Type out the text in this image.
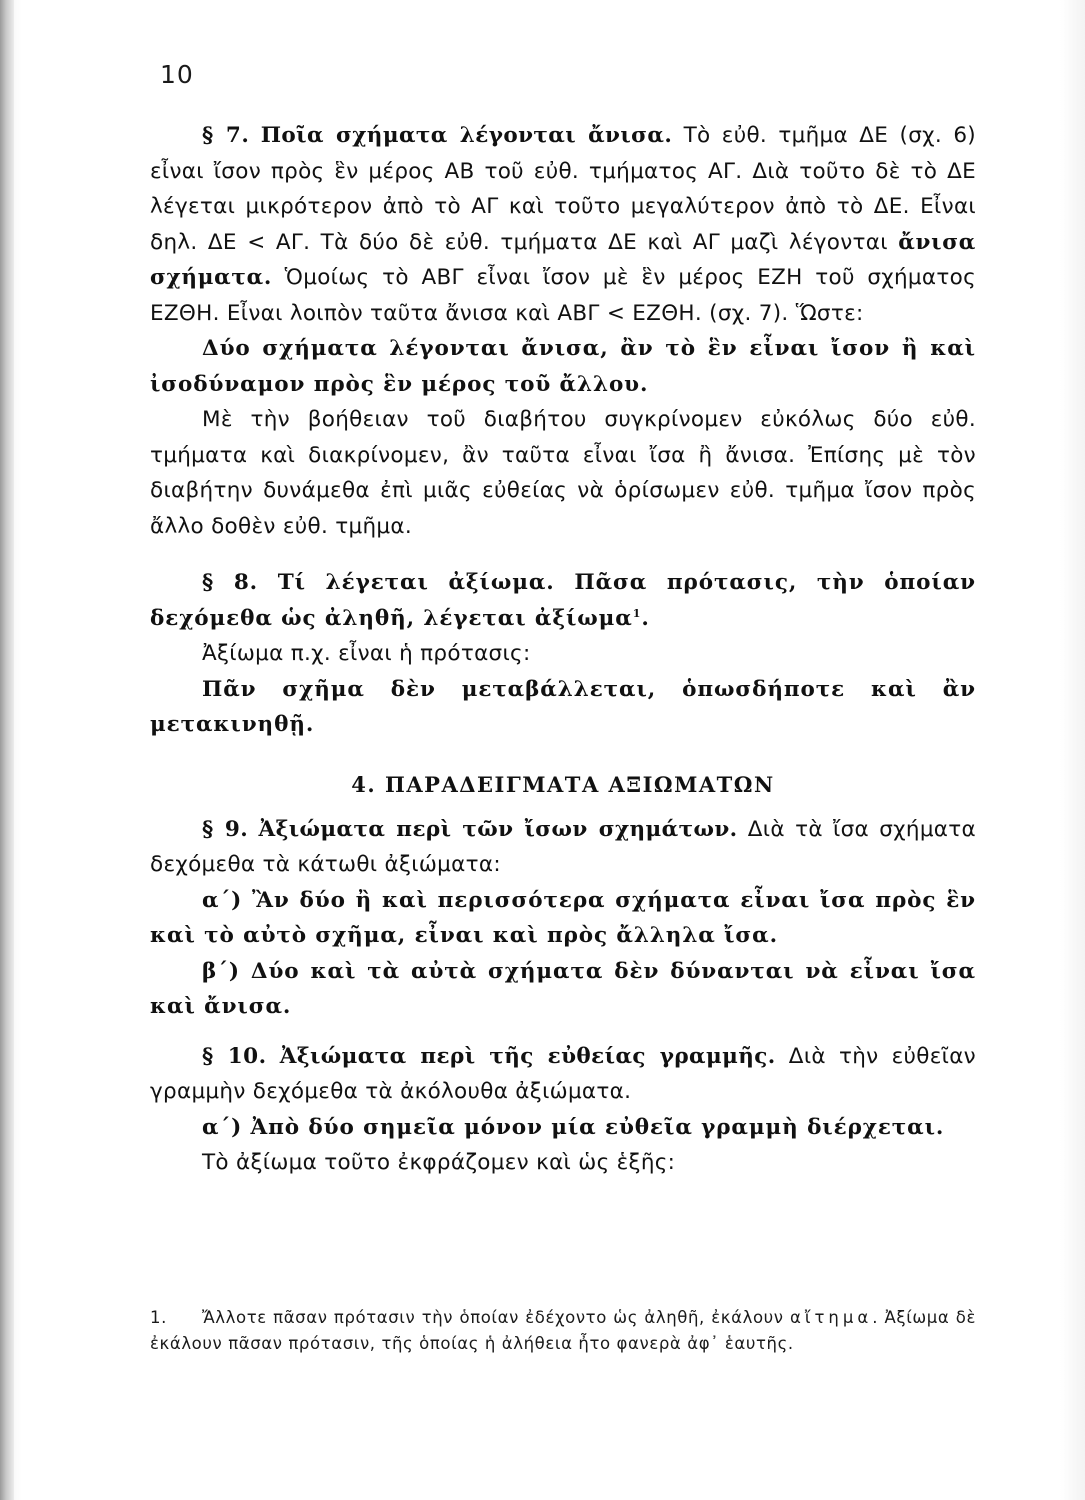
10

§ 7. Ποῖα σχήματα λέγονται ἄνισα. Τὸ εὐθ. τμῆμα ΔΕ (σχ. 6) εἶναι ἴσον πρὸς ἓν μέρος ΑΒ τοῦ εὐθ. τμήματος ΑΓ. Διὰ τοῦτο δὲ τὸ ΔΕ λέγεται μικρότερον ἀπὸ τὸ ΑΓ καὶ τοῦτο μεγαλύτερον ἀπὸ τὸ ΔΕ. Εἶναι δηλ. ΔΕ < ΑΓ. Τὰ δύο δὲ εὐθ. τμήματα ΔΕ καὶ ΑΓ μαζὶ λέγονται ἄνισα σχήματα. Ὁμοίως τὸ ΑΒΓ εἶναι ἴσον μὲ ἓν μέρος ΕΖΗ τοῦ σχήματος ΕΖΘΗ. Εἶναι λοιπὸν ταῦτα ἄνισα καὶ ΑΒΓ < ΕΖΘΗ. (σχ. 7). Ὥστε:

Δύο σχήματα λέγονται ἄνισα, ἂν τὸ ἓν εἶναι ἴσον ἢ καὶ ἰσοδύναμον πρὸς ἓν μέρος τοῦ ἄλλου.

Μὲ τὴν βοήθειαν τοῦ διαβήτου συγκρίνομεν εὐκόλως δύο εὐθ. τμήματα καὶ διακρίνομεν, ἂν ταῦτα εἶναι ἴσα ἢ ἄνισα. Ἐπίσης μὲ τὸν διαβήτην δυνάμεθα ἐπὶ μιᾶς εὐθείας νὰ ὁρίσωμεν εὐθ. τμῆμα ἴσον πρὸς ἄλλο δοθὲν εὐθ. τμῆμα.

§ 8. Τί λέγεται ἀξίωμα. Πᾶσα πρότασις, τὴν ὁποίαν δεχόμεθα ὡς ἀληθῆ, λέγεται ἀξίωμα$^1$.

Ἀξίωμα π.χ. εἶναι ἡ πρότασις:

Πᾶν σχῆμα δὲν μεταβάλλεται, ὁπωσδήποτε καὶ ἂν μετακινηθῇ.

4. ΠΑΡΑΔΕΙΓΜΑΤΑ ΑΞΙΩΜΑΤΩΝ

§ 9. Ἀξιώματα περὶ τῶν ἴσων σχημάτων. Διὰ τὰ ἴσα σχήματα δεχόμεθα τὰ κάτωθι ἀξιώματα:

α΄) Ἂν δύο ἢ καὶ περισσότερα σχήματα εἶναι ἴσα πρὸς ἓν καὶ τὸ αὐτὸ σχῆμα, εἶναι καὶ πρὸς ἄλληλα ἴσα.

β΄) Δύο καὶ τὰ αὐτὰ σχήματα δὲν δύνανται νὰ εἶναι ἴσα καὶ ἄνισα.

§ 10. Ἀξιώματα περὶ τῆς εὐθείας γραμμῆς. Διὰ τὴν εὐθεῖαν γραμμὴν δεχόμεθα τὰ ἀκόλουθα ἀξιώματα.

α΄) Ἀπὸ δύο σημεῖα μόνον μία εὐθεῖα γραμμὴ διέρχεται.

Τὸ ἀξίωμα τοῦτο ἐκφράζομεν καὶ ὡς ἑξῆς:

1. Ἄλλοτε πᾶσαν πρότασιν τὴν ὁποίαν ἐδέχοντο ὡς ἀληθῆ, ἐκάλουν αἴτημα. Ἀξίωμα δὲ ἐκάλουν πᾶσαν πρότασιν, τῆς ὁποίας ἡ ἀλήθεια ἦτο φανερὰ ἀφ᾽ ἑαυτῆς.
